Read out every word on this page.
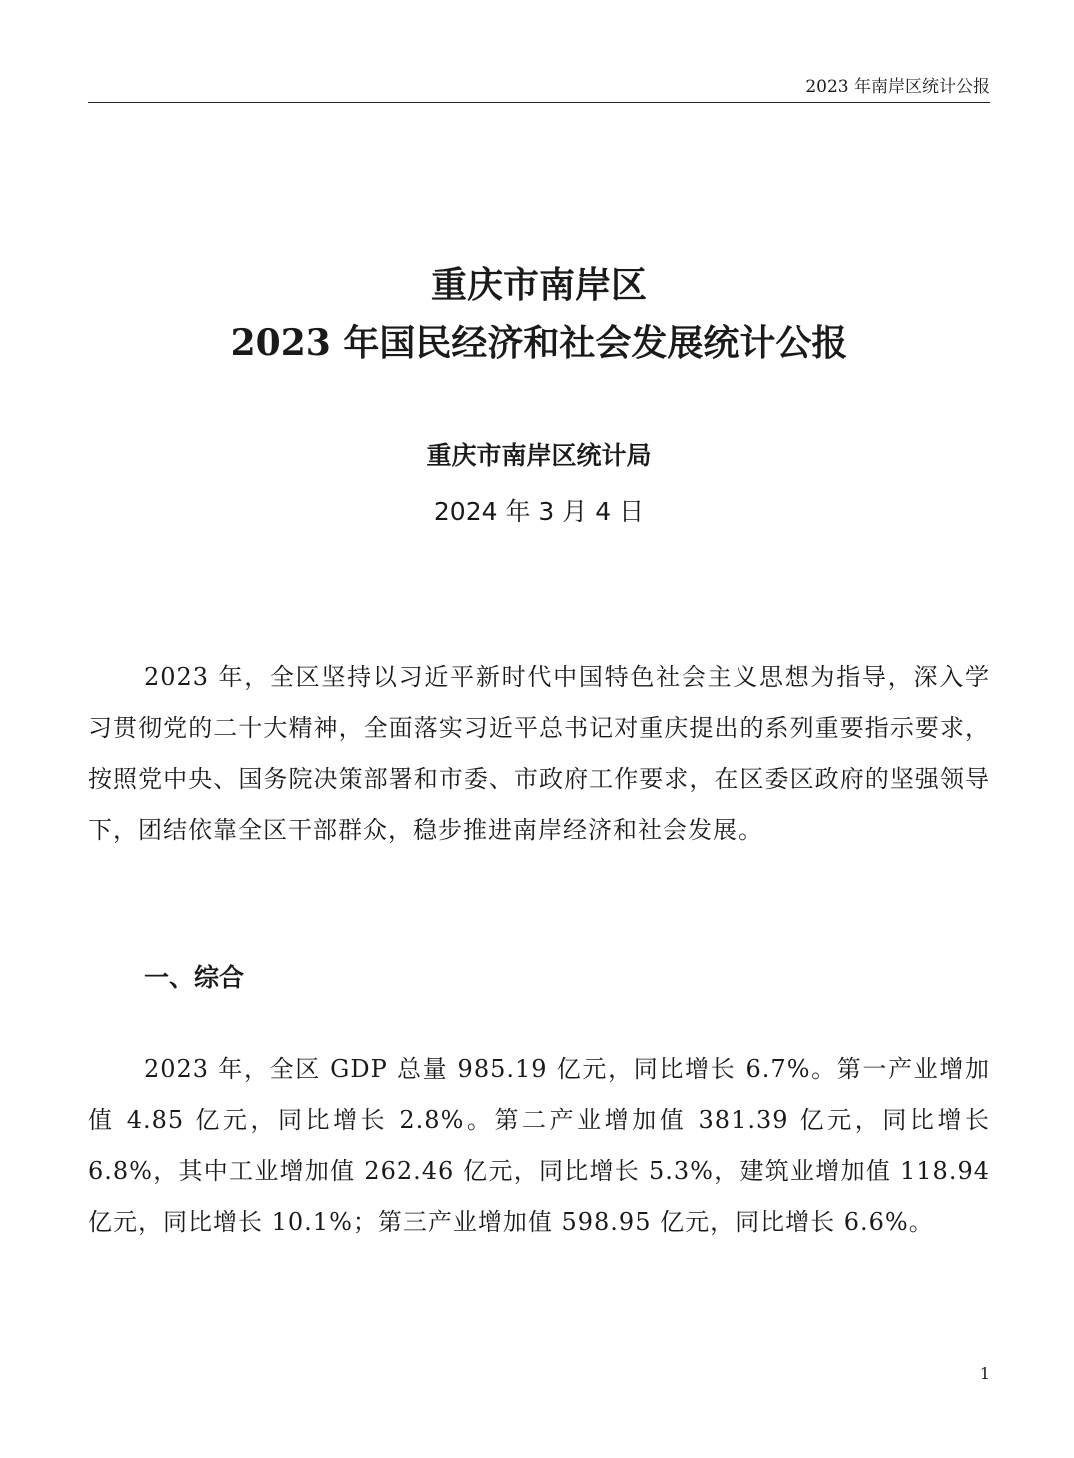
2023 年南岸区统计公报
重庆市南岸区
2023 年国民经济和社会发展统计公报
重庆市南岸区统计局
2024 年 3 月 4 日

2023 年，全区坚持以习近平新时代中国特色社会主义思想为指导，深入学习贯彻党的二十大精神，全面落实习近平总书记对重庆提出的系列重要指示要求，按照党中央、国务院决策部署和市委、市政府工作要求，在区委区政府的坚强领导下，团结依靠全区干部群众，稳步推进南岸经济和社会发展。

一、综合

2023 年，全区 GDP 总量 985.19 亿元，同比增长 6.7%。第一产业增加值 4.85 亿元，同比增长 2.8%。第二产业增加值 381.39 亿元，同比增长 6.8%，其中工业增加值 262.46 亿元，同比增长 5.3%，建筑业增加值 118.94 亿元，同比增长 10.1%；第三产业增加值 598.95 亿元，同比增长 6.6%。

1
